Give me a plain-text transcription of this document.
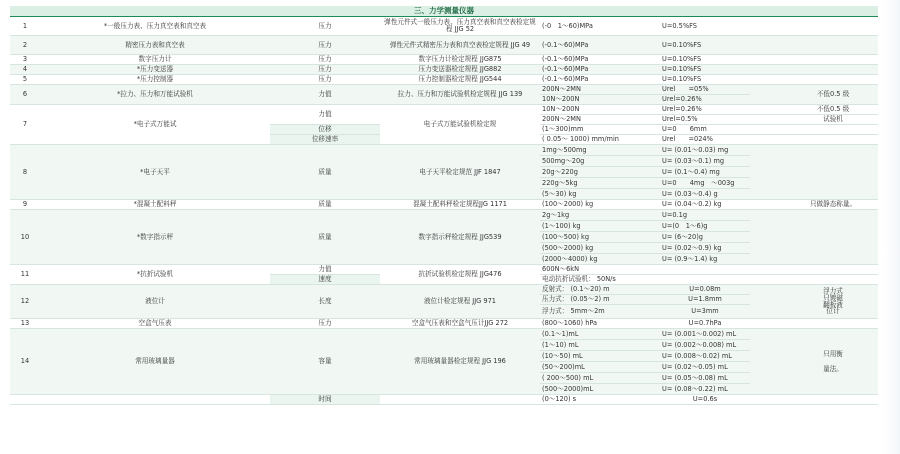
三、力学测量仪器							
1	*一般压力表、压力真空表和真空表	压力	弹性元件式一般压力表、压力真空表和真空表检定规程 JJG 52	(-0　1～60)MPa	U=0.5%FS		
2	精密压力表和真空表	压力	弹性元件式精密压力表和真空表检定规程 JJG 49	(-0.1～60)MPa	U=0.10%FS		
3	数字压力计	压力	数字压力计检定规程 JJG875	(-0.1～60)MPa	U=0.10%FS		
4	*压力变送器	压力	压力变送器检定规程 JJG882	(-0.1～60)MPa	U=0.10%FS		
5	*压力控制器	压力	压力控制器检定规程 JJG544	(-0.1～60)MPa	U=0.10%FS		
6	*拉力、压力和万能试验机	力值	拉力、压力和万能试验机检定规程 JJG 139	200N～2MN	Urel　　=05%		不低0.5 级
				10N～200N	Urel=0.26%		
7	*电子式万能试	力值	电子式万能试验机检定规	10N～200N	Urel=0.26%		不低0.5 级
				200N～2MN	Urel=0.5%		试验机
		位移		(1～300)mm	U=0　　6mm		
		位移速率		( 0.05～ 1000) mm/min	Urel　　=024%		
8	*电子天平	质量	电子天平检定规范 JJF 1847	1mg～500mg	U= (0.01～0.03) mg		
				500mg～20g	U= (0.03～0.1) mg		
				20g～220g	U= (0.1～0.4) mg		
				220g～5kg	U=0　　4mg　～003g		
				(5～30) kg	U= (0.03～0.4) g		
9	*混凝土配料秤	质量	混凝土配料秤检定规程JJG 1171	(100～2000) kg	U= (0.04～0.2) kg		只做静态称量。
10	*数字指示秤	质量	数字指示秤检定规程 JJG539	2g～1kg	U=0.1g		
				(1～100) kg	U=(0　1～6)g		
				(100～500) kg	U= (6～20)g		
				(500～2000) kg	U= (0.02～0.9) kg		
				(2000～4000) kg	U= (0.9～1.4) kg		
11	*抗折试验机	力值	抗折试验机检定规程 JJG476	600N～6kN			
		速度		电动抗折试验机： 50N/s			
12	液位计	长度	液位计检定规程 JJG 971	反射式： (0.1～20) m	U=0.08m		浮力式
只镀磁
翻板液
位计

				压力式： (0.05～2) m	U=1.8mm		
				浮力式： 5mm～2m	U=3mm		
13	空盒气压表	压力	空盒气压表和空盒气压计JJG 272	(800～1060) hPa	U=0.7hPa		
14	常用玻璃量器	容量	常用玻璃量器检定规程 JJG 196	(0.1～1)mL	U= (0.001～0.002) mL		只用衡
量法。

				(1～10) mL	U= (0.002～0.008) mL		
				(10～50) mL	U= (0.008～0.02) mL		
				(50～200)mL	U= (0.02～0.05) mL		
				( 200～500) mL	U= (0.05～0.08) mL		
				(500～2000)mL	U= (0.08～0.22) mL		
		时间		(0～120) s	U=0.6s		
